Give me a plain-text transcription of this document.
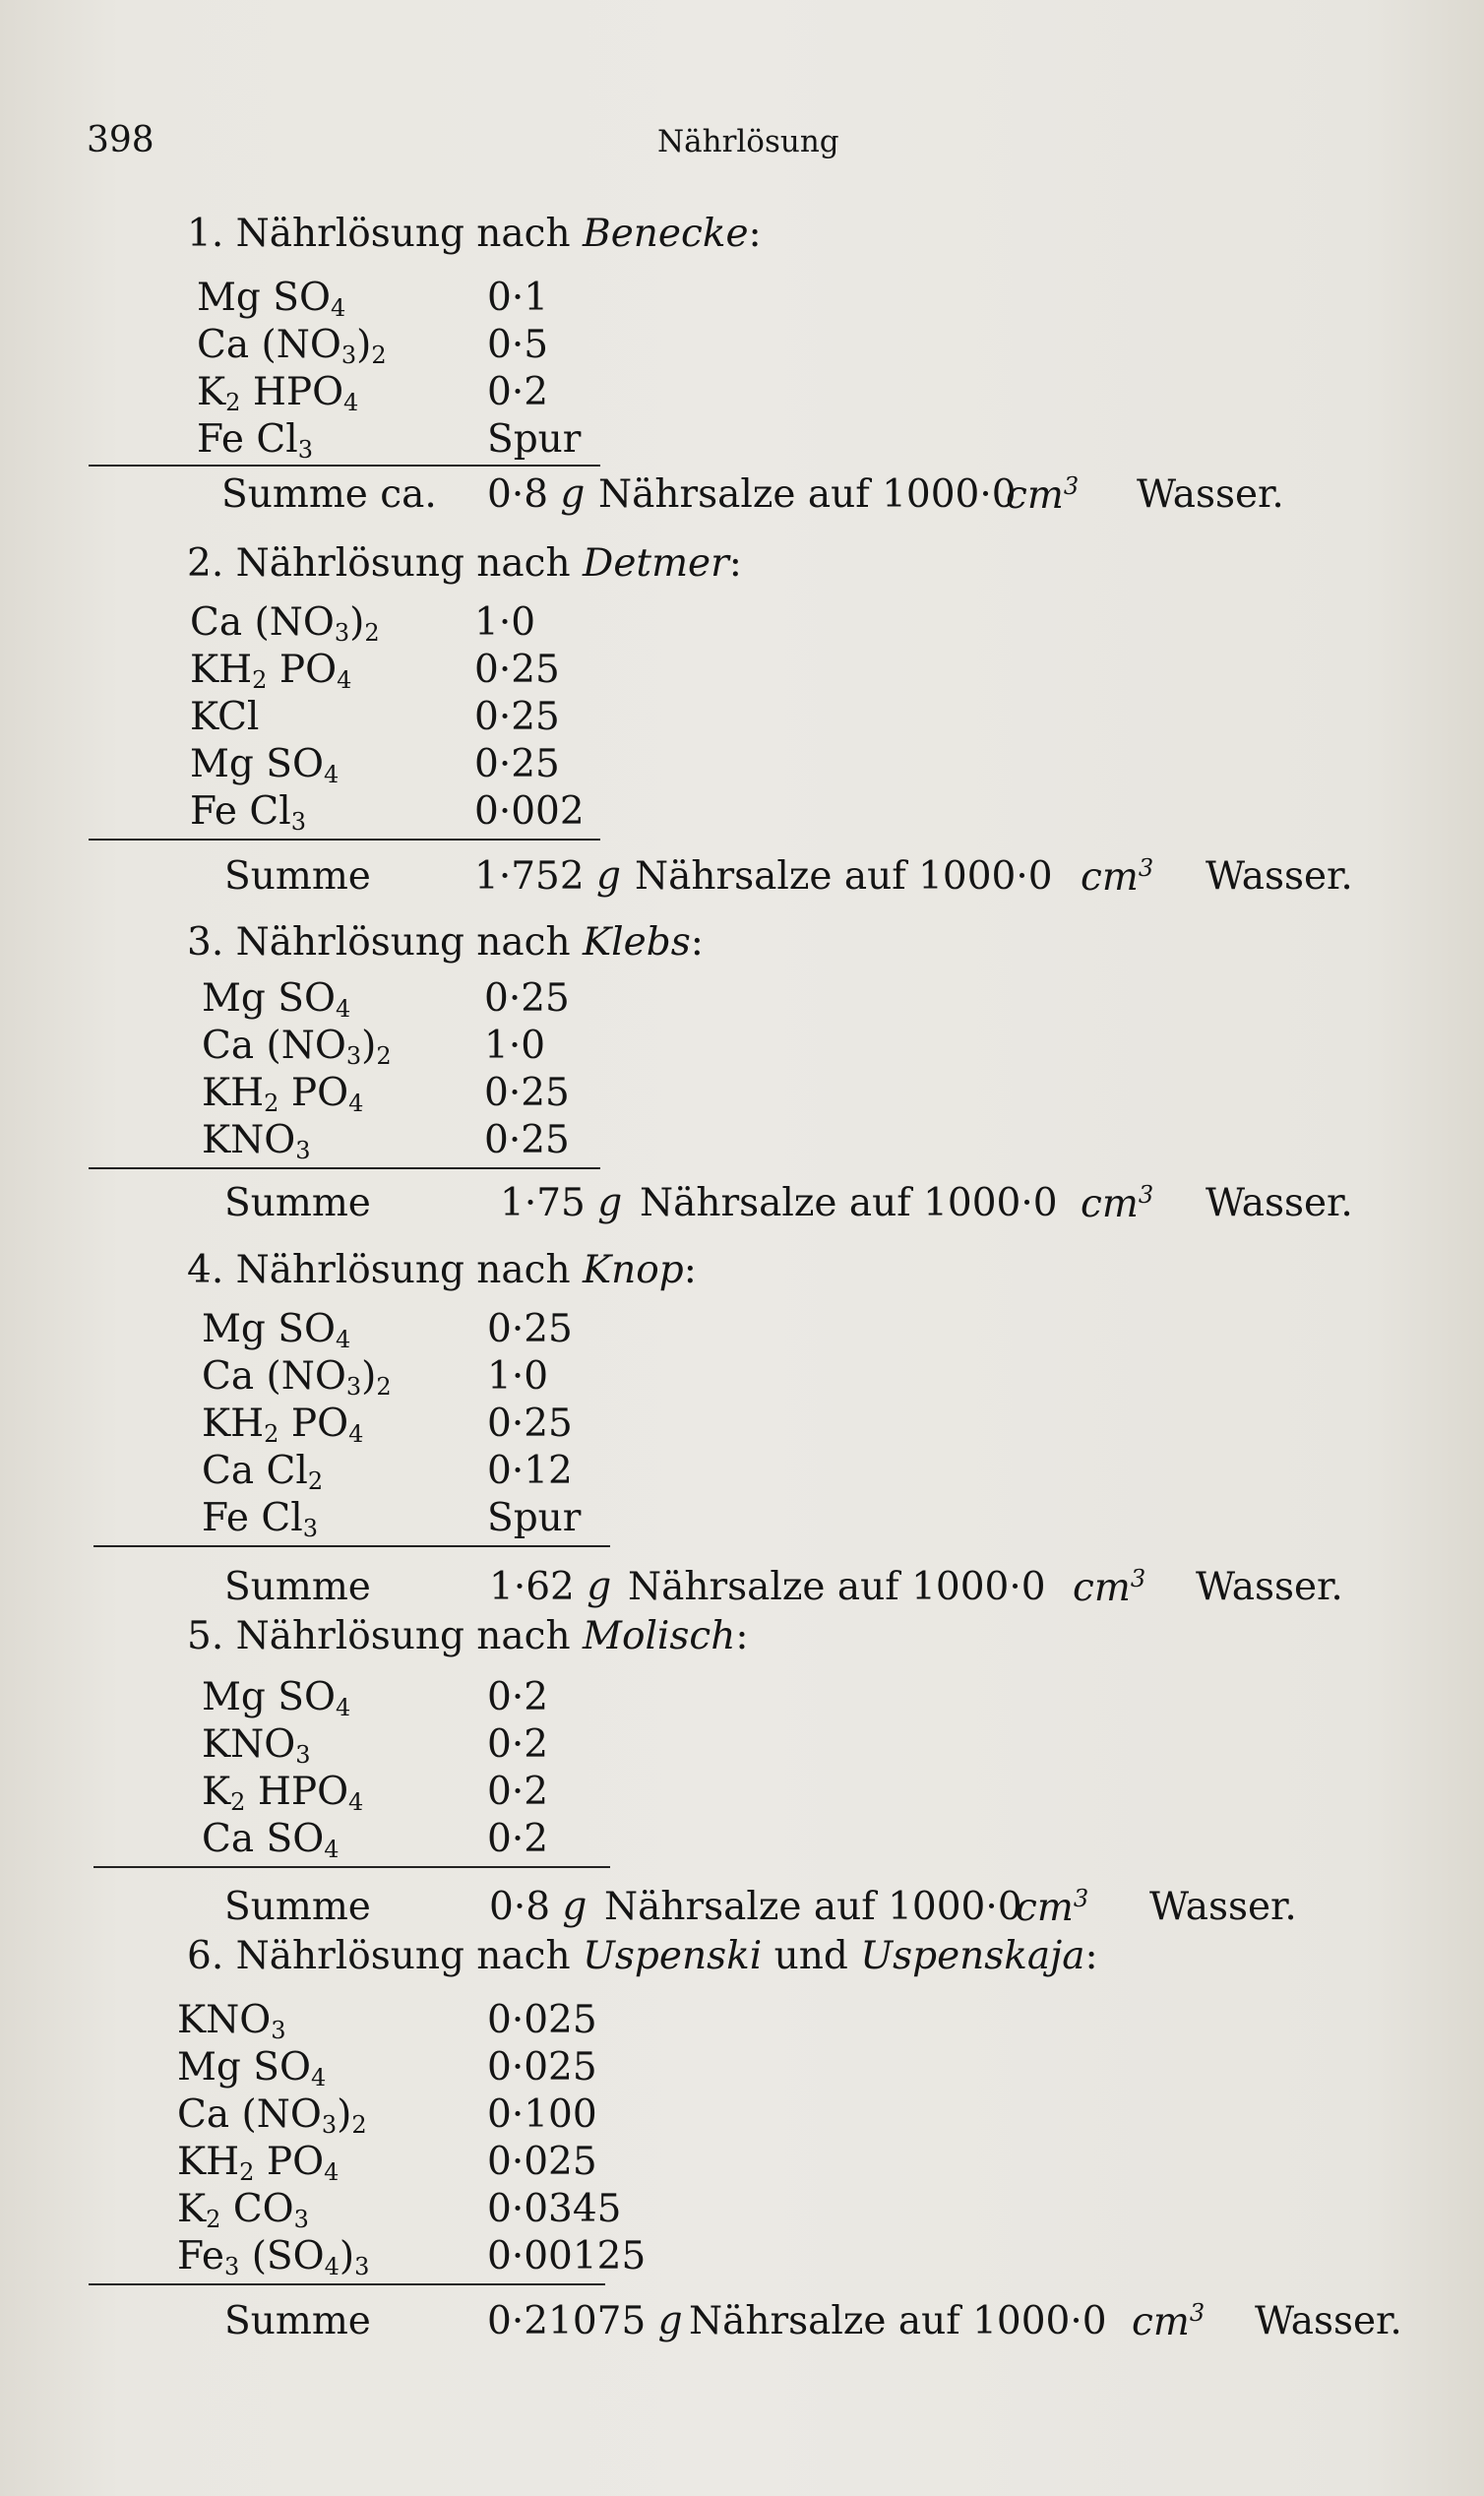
398	Nährlösung
1. Nährlösung nach Benecke:
Mg $SO_4$	0·1
Ca $(NO_3)_2$	0·5
$K_2$ $HPO_4$	0·2
Fe $Cl_3$	Spur
Summe ca. 0·8 g Nährsalze auf 1000·0
$cm^3$ Wasser.
2. Nährlösung nach Detmer:
Ca $(NO_3)_2$ 1·0
$KH_2$ $PO_4$	0·25
KCl	0·25
Mg $SO_4$	0·25
Fe $Cl_3$	0·002
Summe	1·752 g Nährsalze auf 1000·0 $cm^3$ Wasser.
3. Nährlösung nach Klebs:
Mg $SO_4$	0·25
Ca $(NO_3)_2$ 1·0
$KH_2$ $PO_4$	0·25
$KNO_3$	0·25
Summe	1·75 g Nährsalze auf 1000·0 $cm^3$ Wasser.
4. Nährlösung nach Knop:
Mg $SO_4$	0·25
Ca $(NO_3)_2$ 1·0
$KH_2$ $PO_4$	0·25
Ca $Cl_2$	0·12
Fe $Cl_3$	Spur
Summe	1·62 g Nährsalze auf 1000·0 $cm^3$ Wasser.
5. Nährlösung nach Molisch:
Mg $SO_4$	0·2
$KNO_3$	0·2
$K_2$ $HPO_4$	0·2
Ca $SO_4$	0·2
Summe	0·8 g Nährsalze auf 1000·0
$cm^3$ Wasser.
6. Nährlösung nach Uspenski und Uspenskaja:
$KNO_3$	0·025
Mg $SO_4$	0·025
Ca $(NO_3)_2$	0·100
$KH_2$ $PO_4$	0·025
$K_2$ $CO_3$	0·0345
$Fe_3$ $(SO_4)_3$	0·00125
Summe	0·21075 g Nährsalze auf 1000·0 $cm^3$ Wasser.
